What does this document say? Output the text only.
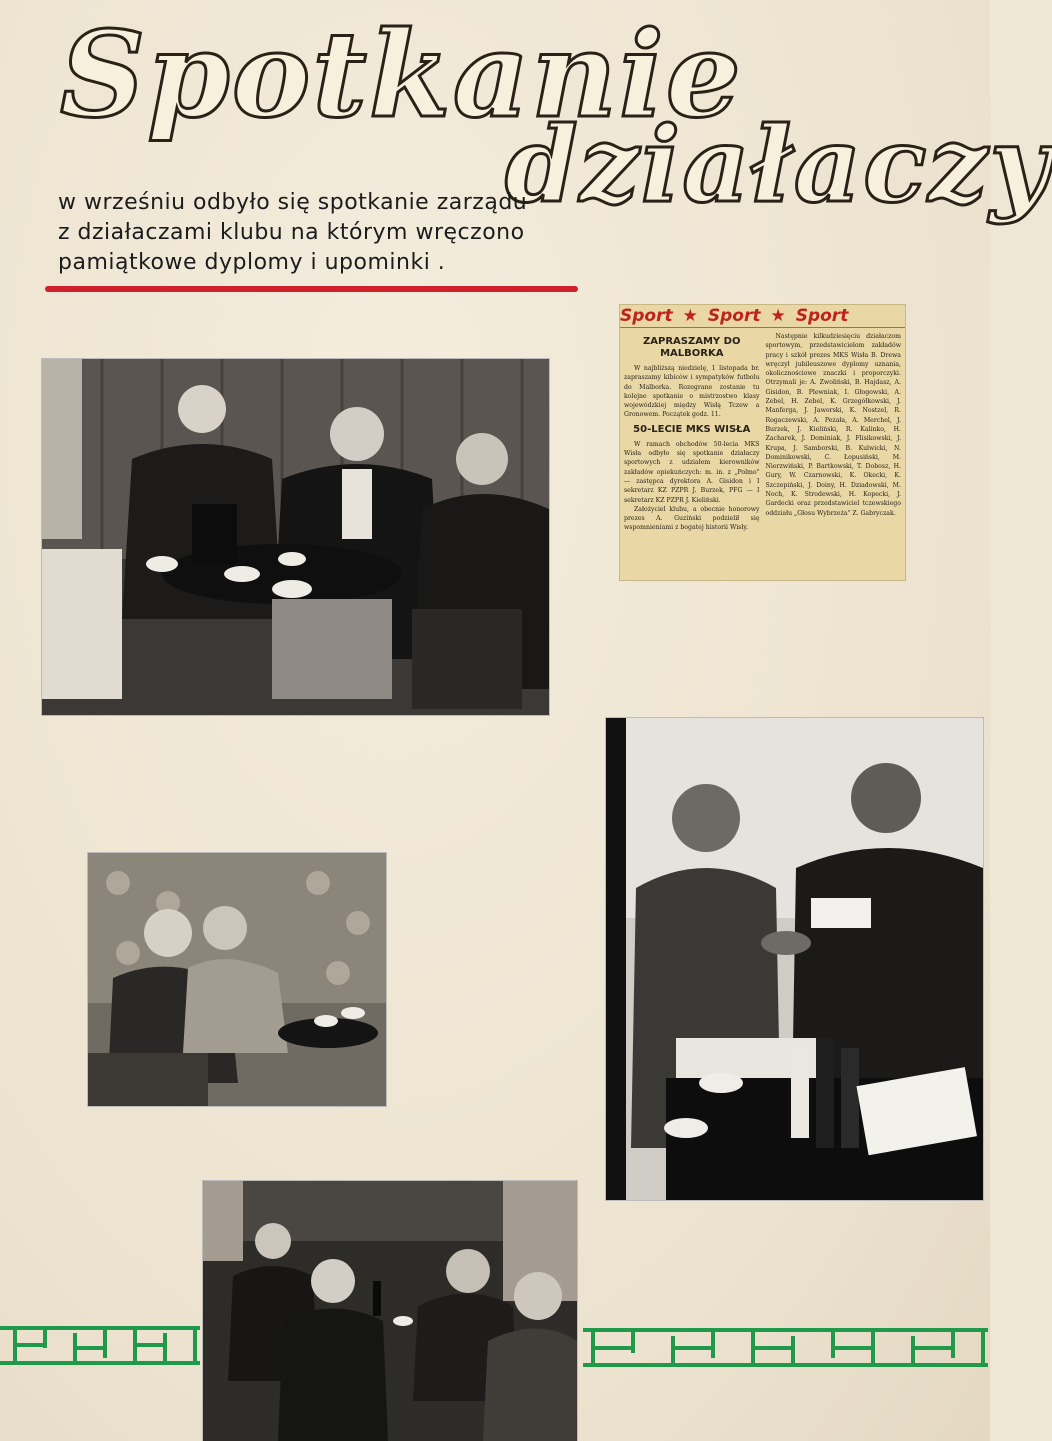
Spotkanie
działaczy
w wrześniu odbyło się spotkanie zarządu
z działaczami klubu na którym wręczono
pamiątkowe dyplomy i upominki .
Sport ★ Sport ★ Sport
ZAPRASZAMY DO MALBORKA
W najbliższą niedzielę, 1 listopada br. zapraszamy kibiców i sympatyków futbolu do Malborka. Rozegrane zostanie tu kolejne spotkanie o mistrzostwo klasy wojewódzkiej między Wisłą Tczew a Gronowem. Początek godz. 11.
50-LECIE MKS WISŁA
W ramach obchodów 50-lecia MKS Wisła odbyło się spotkanie działaczy sportowych z udziałem kierowników zakładów opiekuńczych: m. in. z „Polmo" — zastępca dyrektora A. Gisidon i I sekretarz KZ PZPR J. Burzek, PFG — I sekretarz KZ PZPR J. Kieliński.
Założyciel klubu, a obecnie honorowy prezes A. Guziński podzielił się wspomnieniami z bogatej historii Wisły.
Następnie kilkudziesięciu działaczom sportowym, przedstawicielom zakładów pracy i szkół prezes MKS Wisła B. Drewa wręczył jubileuszowe dyplomy uznania, okolicznościowe znaczki i proporczyki. Otrzymali je: A. Zwoliński, B. Hajdasz, A. Gisidon, B. Plewniak, I. Głogowski, A. Zebel, H. Zebel, K. Grzegółkowski, J. Manferga, J. Jaworski, K. Nostzel, R. Rogaczewski, A. Pezała, A. Merchel, J. Burzek, J. Kieliński, R. Kalinko, H. Zacharek, J. Dominiak, J. Flisikowski, J. Krupa, J. Samborski, B. Kulwicki, N. Dominikowski, C. Łopusiński, M. Nierzwiński, P. Bartkowski, T. Dobosz, H. Gury, W. Czarnowski, K. Okecki, K. Szczepiński, J. Doiny, H. Dziadowski, M. Noch, K. Strodewski, H. Kopecki, J. Gardecki oraz przedstawiciel tczewskiego oddziału „Głosu Wybrzeża" Z. Gabryczak.
